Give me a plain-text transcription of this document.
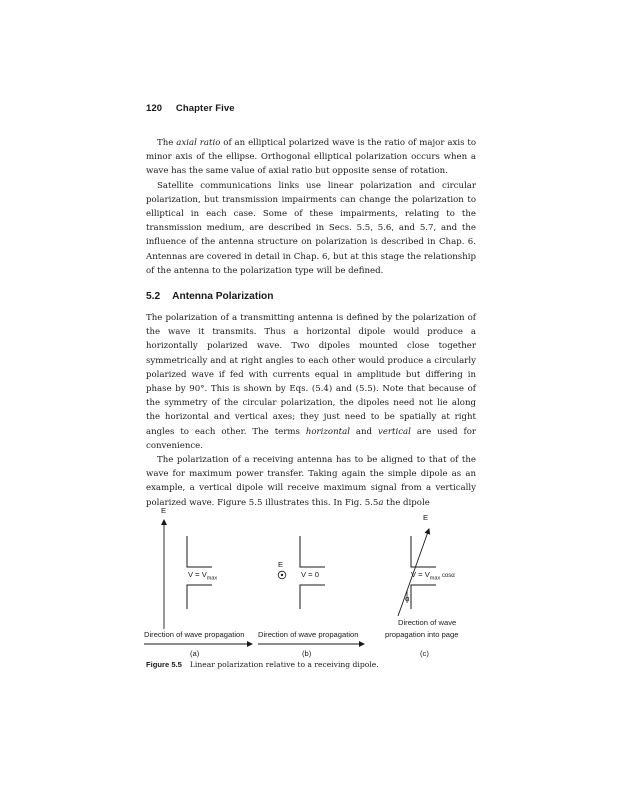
120 Chapter Five

The axial ratio of an elliptical polarized wave is the ratio of major axis to minor axis of the ellipse. Orthogonal elliptical polarization occurs when a wave has the same value of axial ratio but opposite sense of rotation.

Satellite communications links use linear polarization and circular polarization, but transmission impairments can change the polarization to elliptical in each case. Some of these impairments, relating to the transmission medium, are described in Secs. 5.5, 5.6, and 5.7, and the influence of the antenna structure on polarization is described in Chap. 6. Antennas are covered in detail in Chap. 6, but at this stage the relationship of the antenna to the polarization type will be defined.

5.2 Antenna Polarization

The polarization of a transmitting antenna is defined by the polarization of the wave it transmits. Thus a horizontal dipole would produce a horizontally polarized wave. Two dipoles mounted close together symmetrically and at right angles to each other would produce a circularly polarized wave if fed with currents equal in amplitude but differing in phase by 90°. This is shown by Eqs. (5.4) and (5.5). Note that because of the symmetry of the circular polarization, the dipoles need not lie along the horizontal and vertical axes; they just need to be spatially at right angles to each other. The terms horizontal and vertical are used for convenience.

The polarization of a receiving antenna has to be aligned to that of the wave for maximum power transfer. Taking again the simple dipole as an example, a vertical dipole will receive maximum signal from a vertically polarized wave. Figure 5.5 illustrates this. In Fig. 5.5a the dipole

E
$V = V_{max}$
Direction of wave propagation
(a)
E
V = 0
Direction of wave propagation
(b)
E
$V = V_{max}$ cosα
α
Direction of wave
propagation into page
(c)
Figure 5.5 Linear polarization relative to a receiving dipole.
